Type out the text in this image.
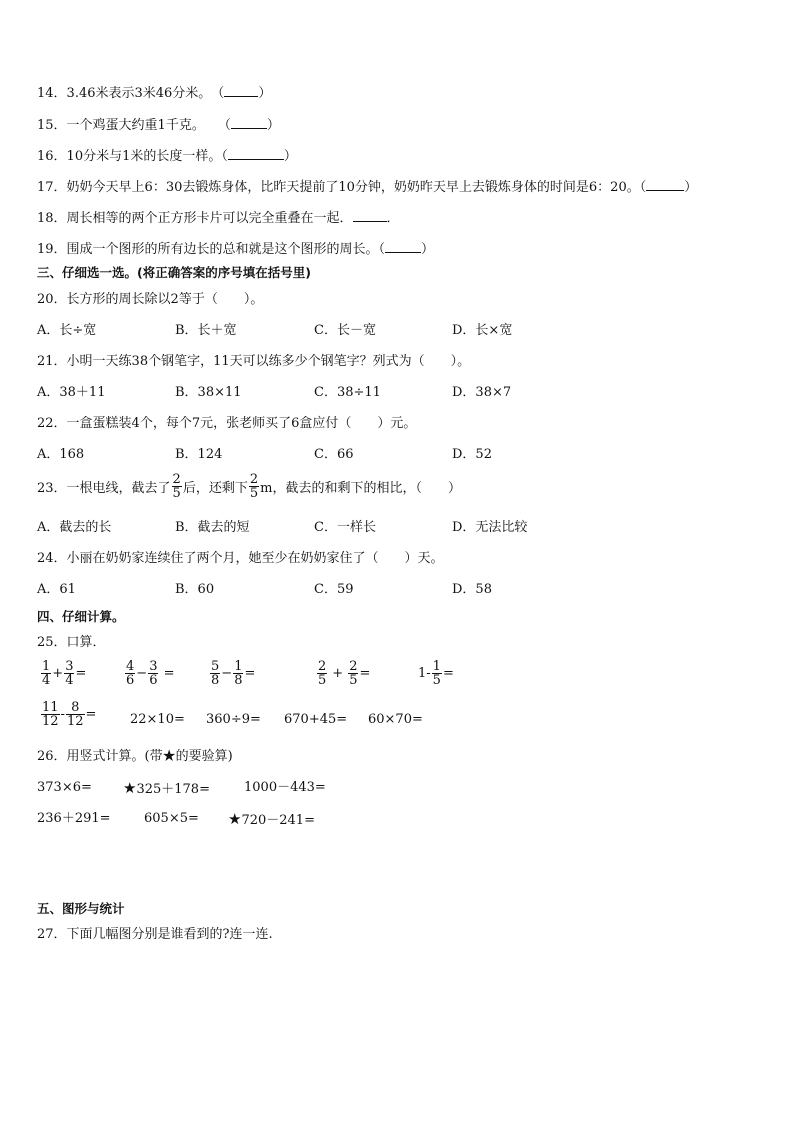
14．3.46米表示3米46分米。　（	）
15．一个鸡蛋大约重1千克。　　（	）
16．10分米与1米的长度一样。（	）
17．奶奶今天早上6：30去锻炼身体，比昨天提前了10分钟，奶奶昨天早上去锻炼身体的时间是6：20。（	）
18．周长相等的两个正方形卡片可以完全重叠在一起．	．
19．围成一个图形的所有边长的总和就是这个图形的周长。（	）
三、仔细选一选。(将正确答案的序号填在括号里)
20．长方形的周长除以2等于（　　）。
A．长÷宽	B．长＋宽	C．长－宽	D．长×宽
21．小明一天练38个钢笔字，11天可以练多少个钢笔字？列式为（　　）。
A．38＋11	B．38×11	C．38÷11	D．38×7
22．一盒蛋糕装4个，每个7元，张老师买了6盒应付（　　）元。
A．168	B．124	C．66	D．52
23．一根电线，截去了 $\frac{2}{5}$ 后，还剩下 $\frac{2}{5}$ m，截去的和剩下的相比，（　　）
A．截去的长	B．截去的短	C．一样长	D．无法比较
24．小丽在奶奶家连续住了两个月，她至少在奶奶家住了（　　）天。
A．61	B．60	C．59	D．58
四、仔细计算。
25．口算．
$\frac{1}{4} + \frac{3}{4}$ =	$\frac{4}{6} - \frac{3}{6}$ =	$\frac{5}{8} - \frac{1}{8}$ =	$\frac{2}{5} + \frac{2}{5}$ =	$1- \frac{1}{5}$ =
$\frac{11}{12} - \frac{8}{12}$ =	22×10= 360÷9= 670+45= 60×70=
26．用竖式计算。(带★的要验算)
373×6= ★325＋178=	1000－443=
236＋291=	605×5= ★720－241=
五、图形与统计
27．下面几幅图分别是谁看到的?连一连.
